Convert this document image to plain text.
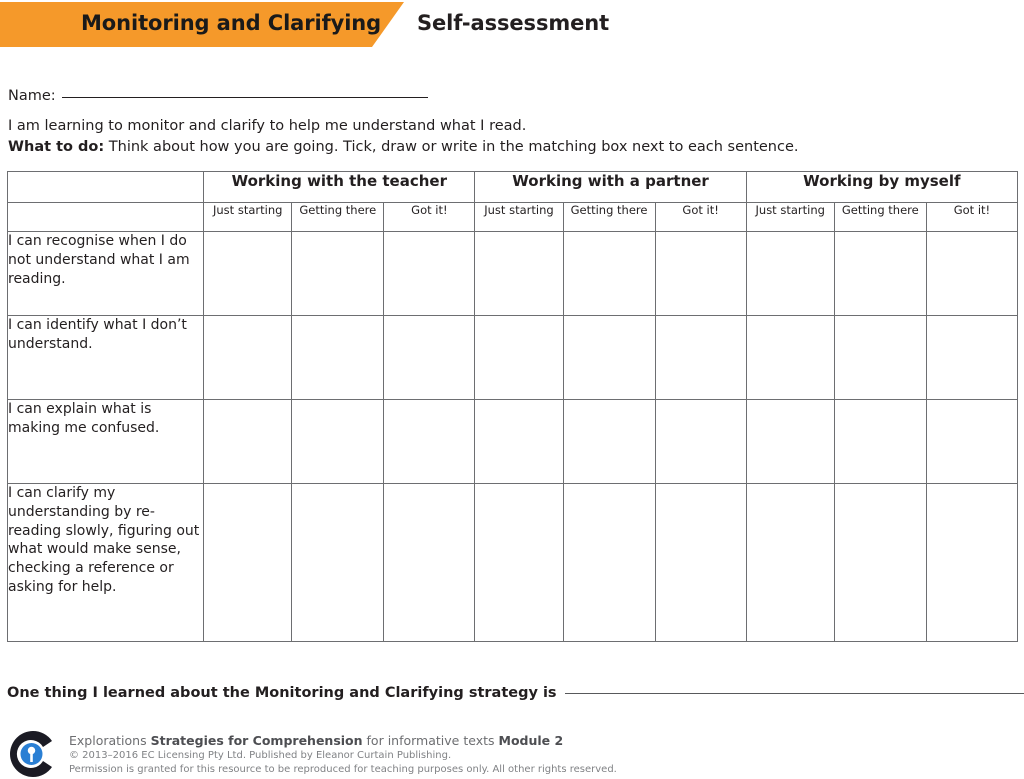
Monitoring and Clarifying Self-assessment
Name:
I am learning to monitor and clarify to help me understand what I read.
What to do: Think about how you are going. Tick, draw or write in the matching box next to each sentence.
	Working with the teacher			Working with a partner			Working by myself		
	Just starting	Getting there	Got it!	Just starting	Getting there	Got it!	Just starting	Getting there	Got it!
I can recognise when I do not understand what I am reading.									
I can identify what I don’t understand.									
I can explain what is making me confused.									
I can clarify my understanding by re-reading slowly, figuring out what would make sense, checking a reference or asking for help.									
One thing I learned about the Monitoring and Clarifying strategy is
Explorations Strategies for Comprehension for informative texts Module 2
© 2013–2016 EC Licensing Pty Ltd. Published by Eleanor Curtain Publishing.
Permission is granted for this resource to be reproduced for teaching purposes only. All other rights reserved.
